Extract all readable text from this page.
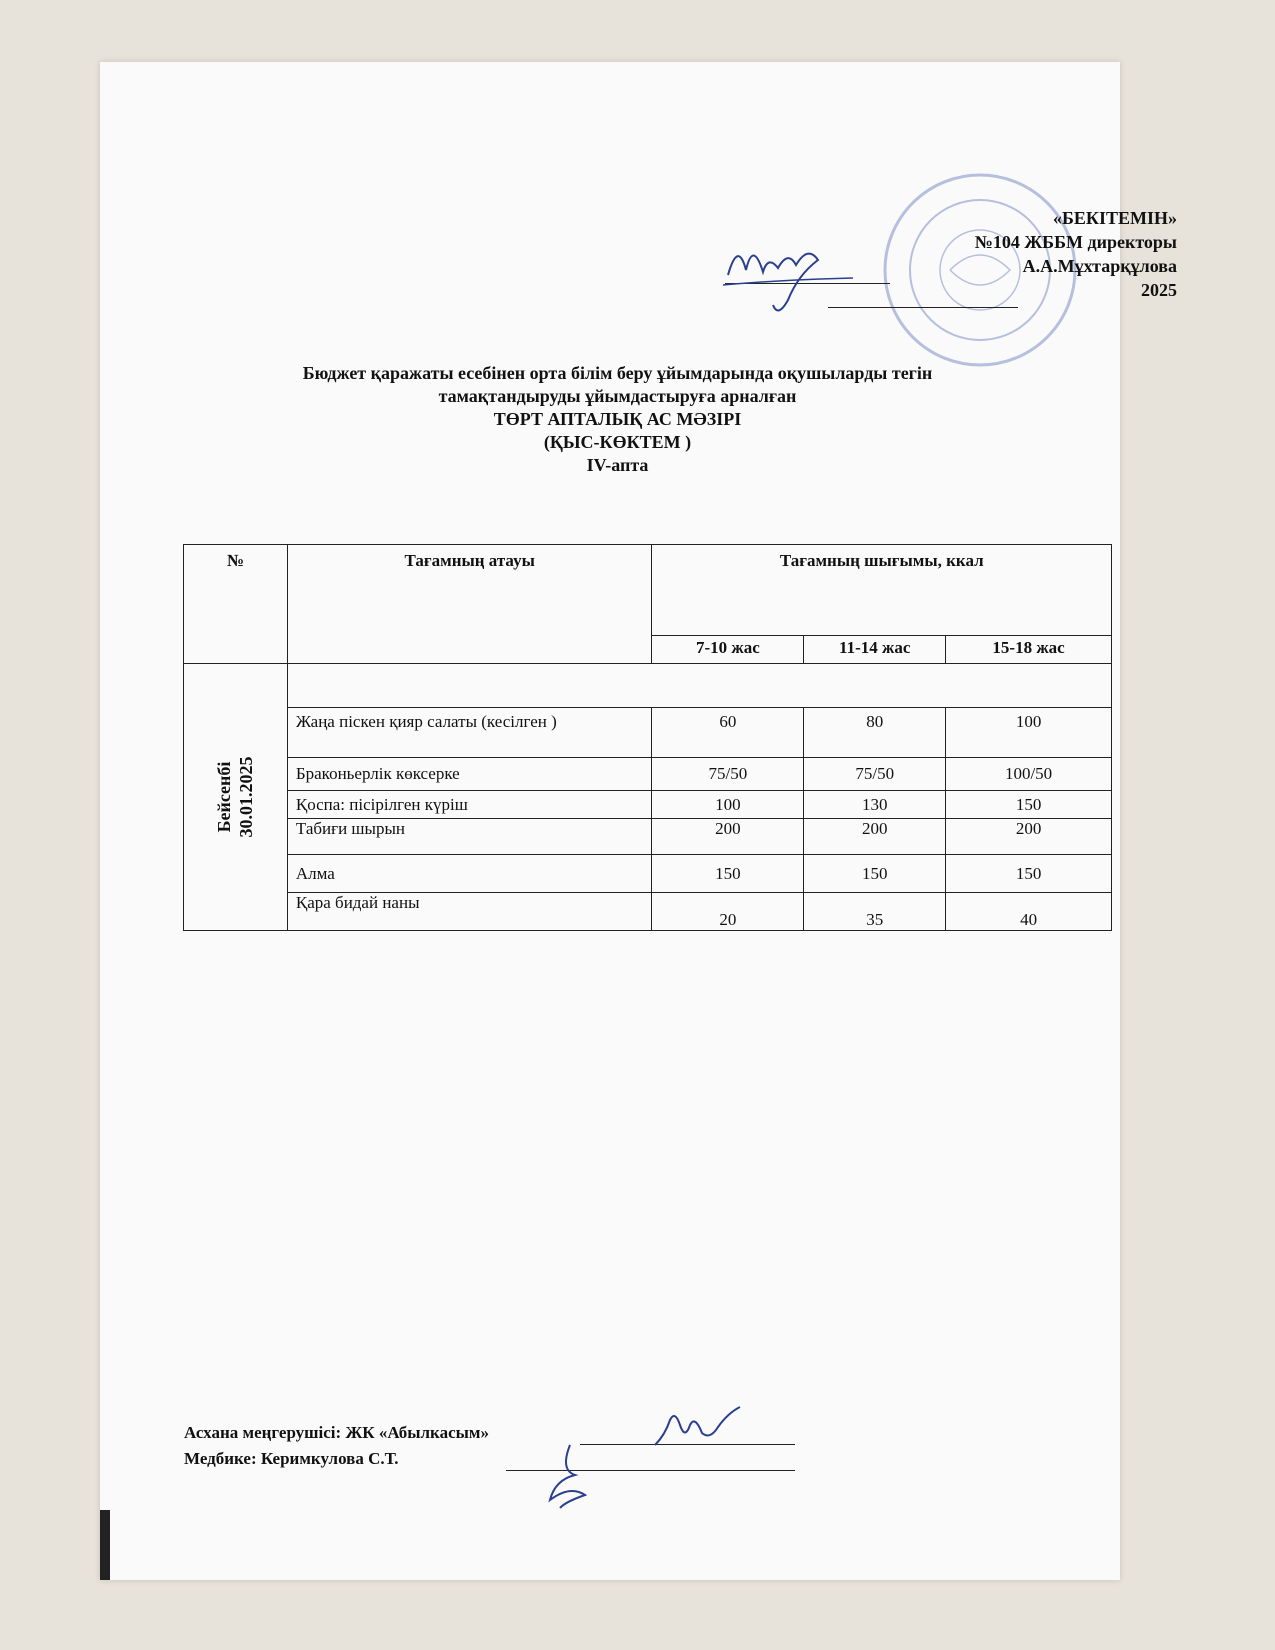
«БЕКІТЕМІН»
№104 ЖББМ директоры
А.А.Мұхтарқұлова
2025
Бюджет қаражаты есебінен орта білім беру ұйымдарында оқушыларды тегін
тамақтандыруды ұйымдастыруға арналған
ТӨРТ АПТАЛЫҚ АС МӘЗІРІ
(ҚЫС-КӨКТЕМ )
IV-апта
№	Тағамның атауы	Тағамның шығымы, ккал		
		7-10 жас	11-14 жас	15-18 жас

Бейсенбі 30.01.2025				

	Жаңа піскен қияр салаты (кесілген )	60	80	100
	Браконьерлік көксерке	75/50	75/50	100/50
	Қоспа: пісірілген күріш	100	130	150
	Табиғи шырын	200	200	200
	Алма	150	150	150
	Қара бидай наны	20	35	40
Асхана меңгерушісі: ЖК «Абылкасым»
Медбике: Керимкулова С.Т.
